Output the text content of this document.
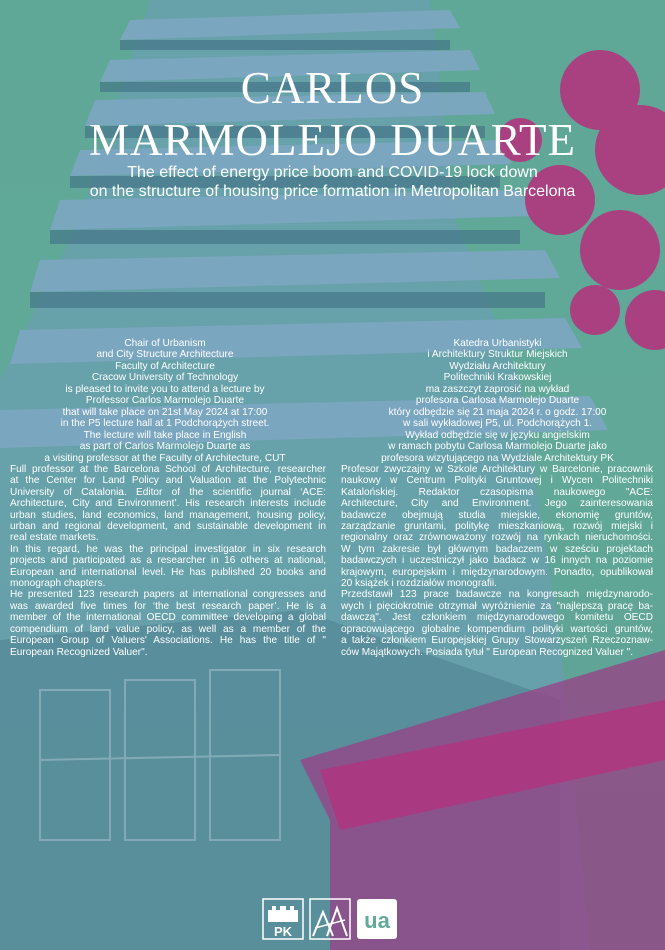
CARLOS
MARMOLEJO DUARTE
The effect of energy price boom and COVID-19 lock down
on the structure of housing price formation in Metropolitan Barcelona
Chair of Urbanism
and City Structure Architecture
Faculty of Architecture
Cracow University of Technology
is pleased to invite you to attend a lecture by
Professor Carlos Marmolejo Duarte
that will take place on 21st May 2024 at 17:00
in the P5 lecture hall at 1 Podchorążych street.
The lecture will take place in English
as part of Carlos Marmolejo Duarte as
a visiting professor at the Faculty of Architecture, CUT
Katedra Urbanistyki
i Architektury Struktur Miejskich
Wydziału Architektury
Politechniki Krakowskiej
ma zaszczyt zaprosić na wykład
profesora Carlosa Marmolejo Duarte
który odbędzie się 21 maja 2024 r. o godz. 17:00
w sali wykładowej P5, ul. Podchorążych 1.
Wykład odbędzie się w języku angielskim
w ramach pobytu Carlosa Marmolejo Duarte jako
profesora wizytującego na Wydziale Architektury PK
Full professor at the Barcelona School of Architecture, researcher
at the Center for Land Policy and Valuation at the Polytechnic
University of Catalonia. Editor of the scientific journal ‘ACE:
Architecture, City and Environment’. His research interests include
urban studies, land economics, land management, housing policy,
urban and regional development, and sustainable development in
real estate markets.
In this regard, he was the principal investigator in six research
projects and participated as a researcher in 16 others at national,
European and international level. He has published 20 books and
monograph chapters.
He presented 123 research papers at international congresses and
was awarded five times for ‘the best research paper’. He is a
member of the international OECD committee developing a global
compendium of land value policy, as well as a member of the
European Group of Valuers' Associations. He has the title of "
European Recognized Valuer".
Profesor zwyczajny w Szkole Architektury w Barcelonie, pracownik
naukowy w Centrum Polityki Gruntowej i Wycen Politechniki
Katalońskiej. Redaktor czasopisma naukowego "ACE:
Architecture, City and Environment. Jego zainteresowania
badawcze obejmują studia miejskie, ekonomię gruntów,
zarządzanie gruntami, politykę mieszkaniową, rozwój miejski i
regionalny oraz zrównoważony rozwój na rynkach nieruchomości.
W tym zakresie był głównym badaczem w sześciu projektach
badawczych i uczestniczył jako badacz w 16 innych na poziomie
krajowym, europejskim i międzynarodowym. Ponadto, opublikował
20 książek i rozdziałów monografii.
Przedstawił 123 prace badawcze na kongresach międzynarodo-
wych i pięciokrotnie otrzymał wyróżnienie za "najlepszą pracę ba-
dawczą". Jest członkiem międzynarodowego komitetu OECD
opracowującego globalne kompendium polityki wartości gruntów,
a także członkiem Europejskiej Grupy Stowarzyszeń Rzeczoznaw-
ców Majątkowych. Posiada tytuł " European Recognized Valuer ".
PK	ua
